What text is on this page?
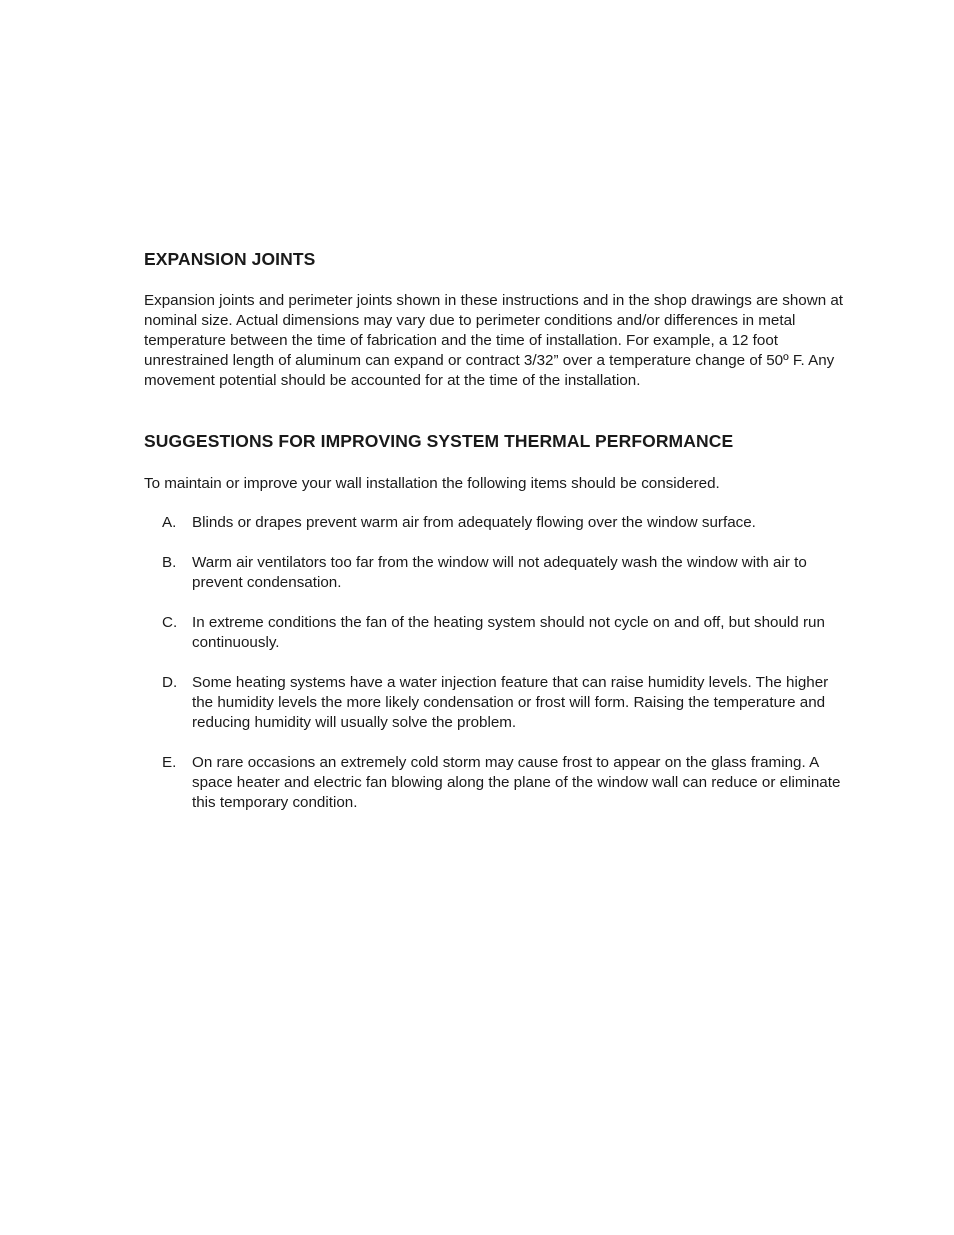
EXPANSION JOINTS

Expansion joints and perimeter joints shown in these instructions and in the shop drawings are shown at nominal size. Actual dimensions may vary due to perimeter conditions and/or differences in metal temperature between the time of fabrication and the time of installation. For example, a 12 foot unrestrained length of aluminum can expand or contract 3/32” over a temperature change of 50º F. Any movement potential should be accounted for at the time of the installation.

SUGGESTIONS FOR IMPROVING SYSTEM THERMAL PERFORMANCE

To maintain or improve your wall installation the following items should be considered.

A.	Blinds or drapes prevent warm air from adequately flowing over the window surface.
B.	Warm air ventilators too far from the window will not adequately wash the window with air to prevent condensation.
C. In extreme conditions the fan of the heating system should not cycle on and off, but should run continuously.
D. Some heating systems have a water injection feature that can raise humidity levels. The higher the humidity levels the more likely condensation or frost will form. Raising the temperature and reducing humidity will usually solve the problem.
E.	On rare occasions an extremely cold storm may cause frost to appear on the glass framing. A space heater and electric fan blowing along the plane of the window wall can reduce or eliminate this temporary condition.
